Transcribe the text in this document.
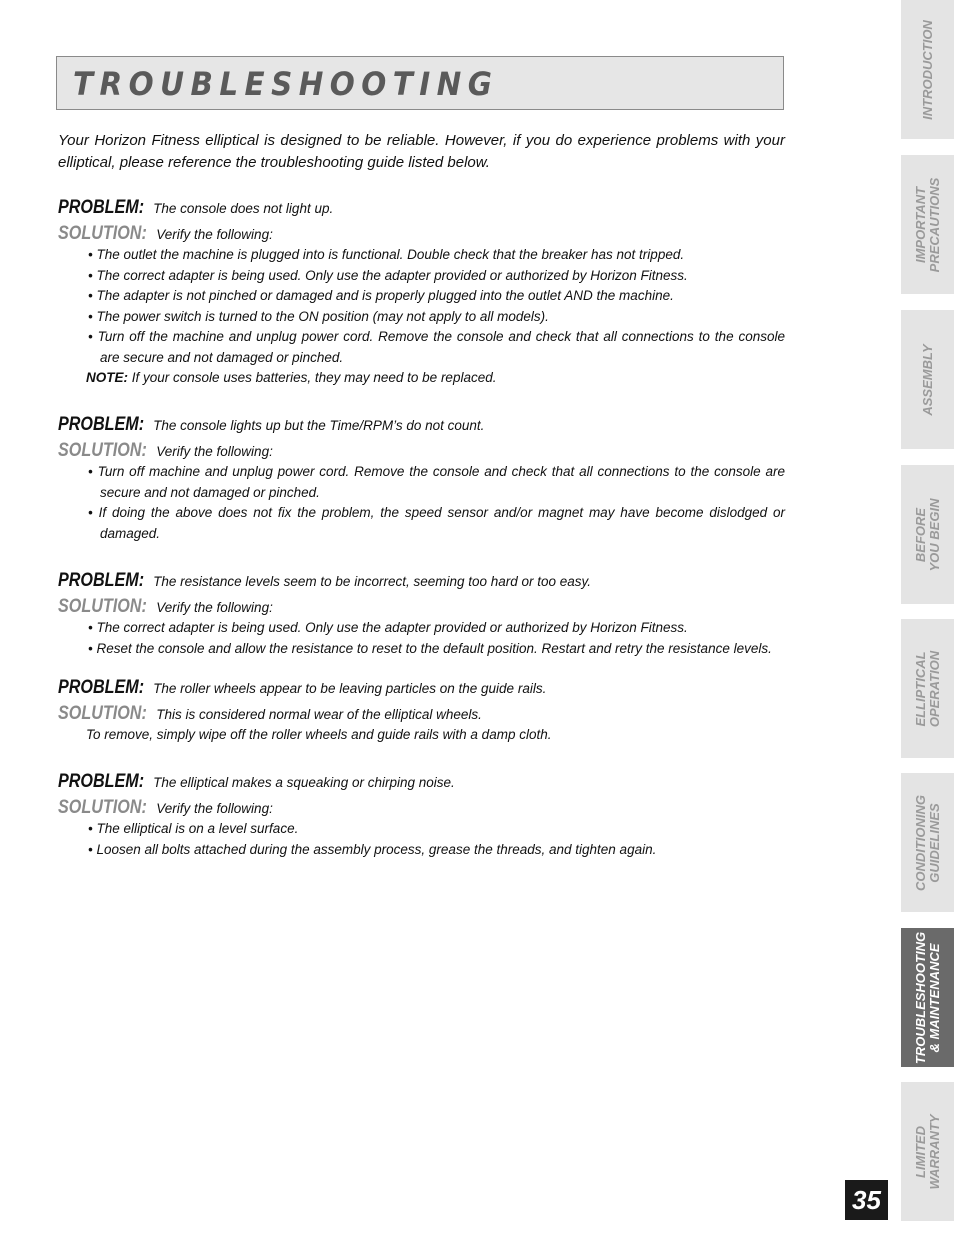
TROUBLESHOOTING
Your Horizon Fitness elliptical is designed to be reliable. However, if you do experience problems with your elliptical, please reference the troubleshooting guide listed below.
PROBLEM: The console does not light up.
SOLUTION: Verify the following:
• The outlet the machine is plugged into is functional. Double check that the breaker has not tripped.
• The correct adapter is being used. Only use the adapter provided or authorized by Horizon Fitness.
• The adapter is not pinched or damaged and is properly plugged into the outlet AND the machine.
• The power switch is turned to the ON position (may not apply to all models).
• Turn off the machine and unplug power cord. Remove the console and check that all connections to the console are secure and not damaged or pinched.
NOTE: If your console uses batteries, they may need to be replaced.
PROBLEM: The console lights up but the Time/RPM’s do not count.
SOLUTION: Verify the following:
• Turn off machine and unplug power cord. Remove the console and check that all connections to the console are secure and not damaged or pinched.
• If doing the above does not fix the problem, the speed sensor and/or magnet may have become dislodged or damaged.
PROBLEM: The resistance levels seem to be incorrect, seeming too hard or too easy.
SOLUTION: Verify the following:
• The correct adapter is being used. Only use the adapter provided or authorized by Horizon Fitness.
• Reset the console and allow the resistance to reset to the default position. Restart and retry the resistance levels.
PROBLEM: The roller wheels appear to be leaving particles on the guide rails.
SOLUTION: This is considered normal wear of the elliptical wheels.
To remove, simply wipe off the roller wheels and guide rails with a damp cloth.
PROBLEM: The elliptical makes a squeaking or chirping noise.
SOLUTION: Verify the following:
• The elliptical is on a level surface.
• Loosen all bolts attached during the assembly process, grease the threads, and tighten again.
INTRODUCTION
IMPORTANT PRECAUTIONS
ASSEMBLY
BEFORE YOU BEGIN
ELLIPTICAL OPERATION
CONDITIONING GUIDELINES
TROUBLESHOOTING & MAINTENANCE
LIMITED WARRANTY
35
